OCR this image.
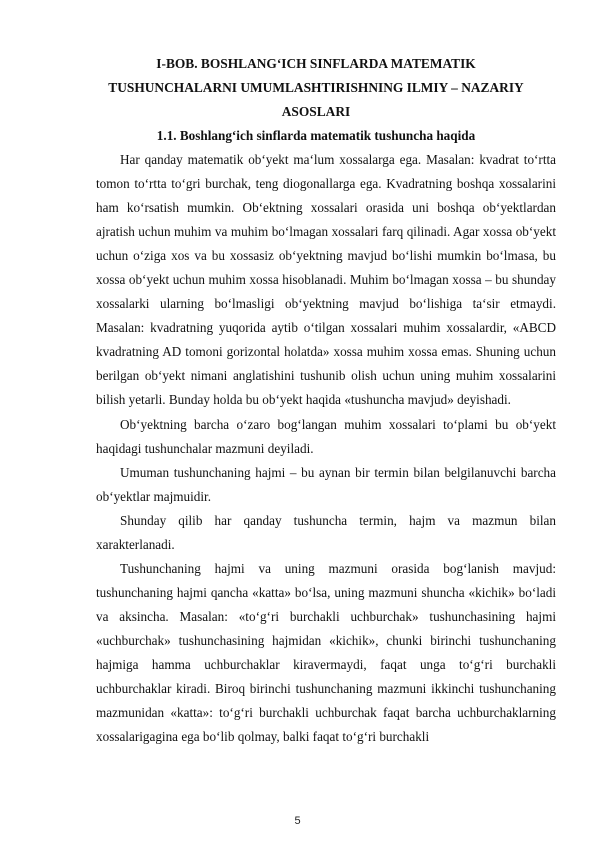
I-BOB. BOSHLANG‘ICH SINFLARDA MATEMATIK
TUSHUNCHALARNI UMUMLASHTIRISHNING ILMIY – NAZARIY
ASOSLARI
1.1. Boshlang‘ich sinflarda matematik tushuncha haqida

Har qanday matematik obʻyekt maʻlum xossalarga ega. Masalan: kvadrat toʻrtta tomon toʻrtta toʻgri burchak, teng diogonallarga ega. Kvadratning boshqa xossalarini ham koʻrsatish mumkin. Obʻektning xossalari orasida uni boshqa obʻyektlardan ajratish uchun muhim va muhim boʻlmagan xossalari farq qilinadi. Agar xossa obʻyekt uchun oʻziga xos va bu xossasiz obʻyektning mavjud boʻlishi mumkin boʻlmasa, bu xossa obʻyekt uchun muhim xossa hisoblanadi. Muhim boʻlmagan xossa – bu shunday xossalarki ularning boʻlmasligi obʻyektning mavjud boʻlishiga taʻsir etmaydi. Masalan: kvadratning yuqorida aytib oʻtilgan xossalari muhim xossalardir, «ABCD kvadratning AD tomoni gorizontal holatda» xossa muhim xossa emas. Shuning uchun berilgan obʻyekt nimani anglatishini tushunib olish uchun uning muhim xossalarini bilish yetarli. Bunday holda bu obʻyekt haqida «tushuncha mavjud» deyishadi.

Obʻyektning barcha oʻzaro bogʻlangan muhim xossalari toʻplami bu obʻyekt haqidagi tushunchalar mazmuni deyiladi.

Umuman tushunchaning hajmi – bu aynan bir termin bilan belgilanuvchi barcha obʻyektlar majmuidir.

Shunday qilib har qanday tushuncha termin, hajm va mazmun bilan xarakterlanadi.

Tushunchaning hajmi va uning mazmuni orasida bogʻlanish mavjud: tushunchaning hajmi qancha «katta» boʻlsa, uning mazmuni shuncha «kichik» boʻladi va aksincha. Masalan: «toʻgʻri burchakli uchburchak» tushunchasining hajmi «uchburchak» tushunchasining hajmidan «kichik», chunki birinchi tushunchaning hajmiga hamma uchburchaklar kiravermaydi, faqat unga toʻgʻri burchakli uchburchaklar kiradi. Biroq birinchi tushunchaning mazmuni ikkinchi tushunchaning mazmunidan «katta»: toʻgʻri burchakli uchburchak faqat barcha uchburchaklarning xossalarigagina ega boʻlib qolmay, balki faqat toʻgʻri burchakli

5
